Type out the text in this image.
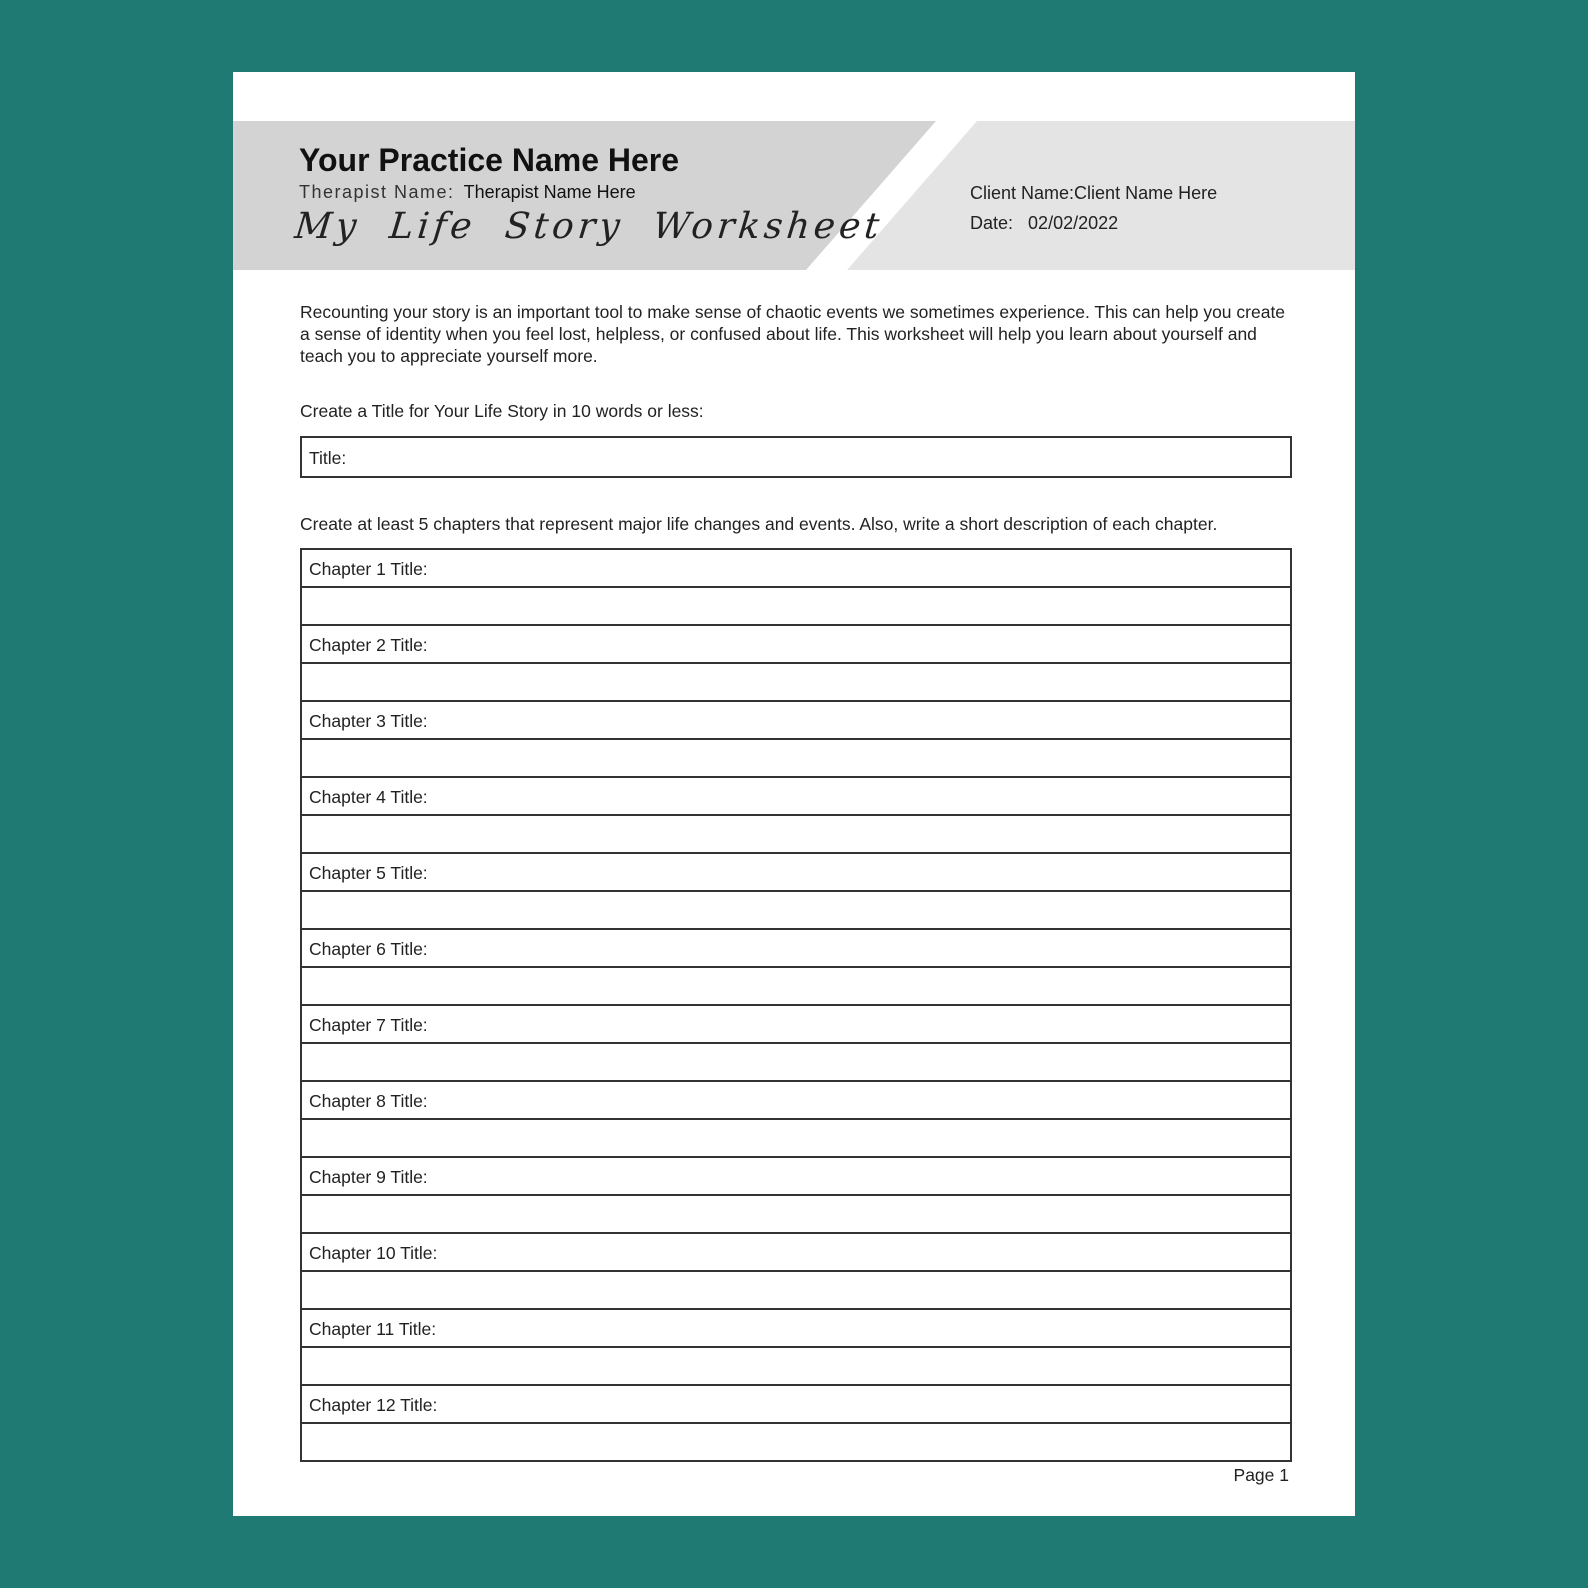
Your Practice Name Here
Therapist Name: Therapist Name Here
My Life Story Worksheet
Client Name:Client Name Here
Date: 02/02/2022
Recounting your story is an important tool to make sense of chaotic events we sometimes experience. This can help you create a sense of identity when you feel lost, helpless, or confused about life. This worksheet will help you learn about yourself and teach you to appreciate yourself more.
Create a Title for Your Life Story in 10 words or less:
Title:
Create at least 5 chapters that represent major life changes and events. Also, write a short description of each chapter.
Chapter 1 Title:
Chapter 2 Title:
Chapter 3 Title:
Chapter 4 Title:
Chapter 5 Title:
Chapter 6 Title:
Chapter 7 Title:
Chapter 8 Title:
Chapter 9 Title:
Chapter 10 Title:
Chapter 11 Title:
Chapter 12 Title:
Page 1
